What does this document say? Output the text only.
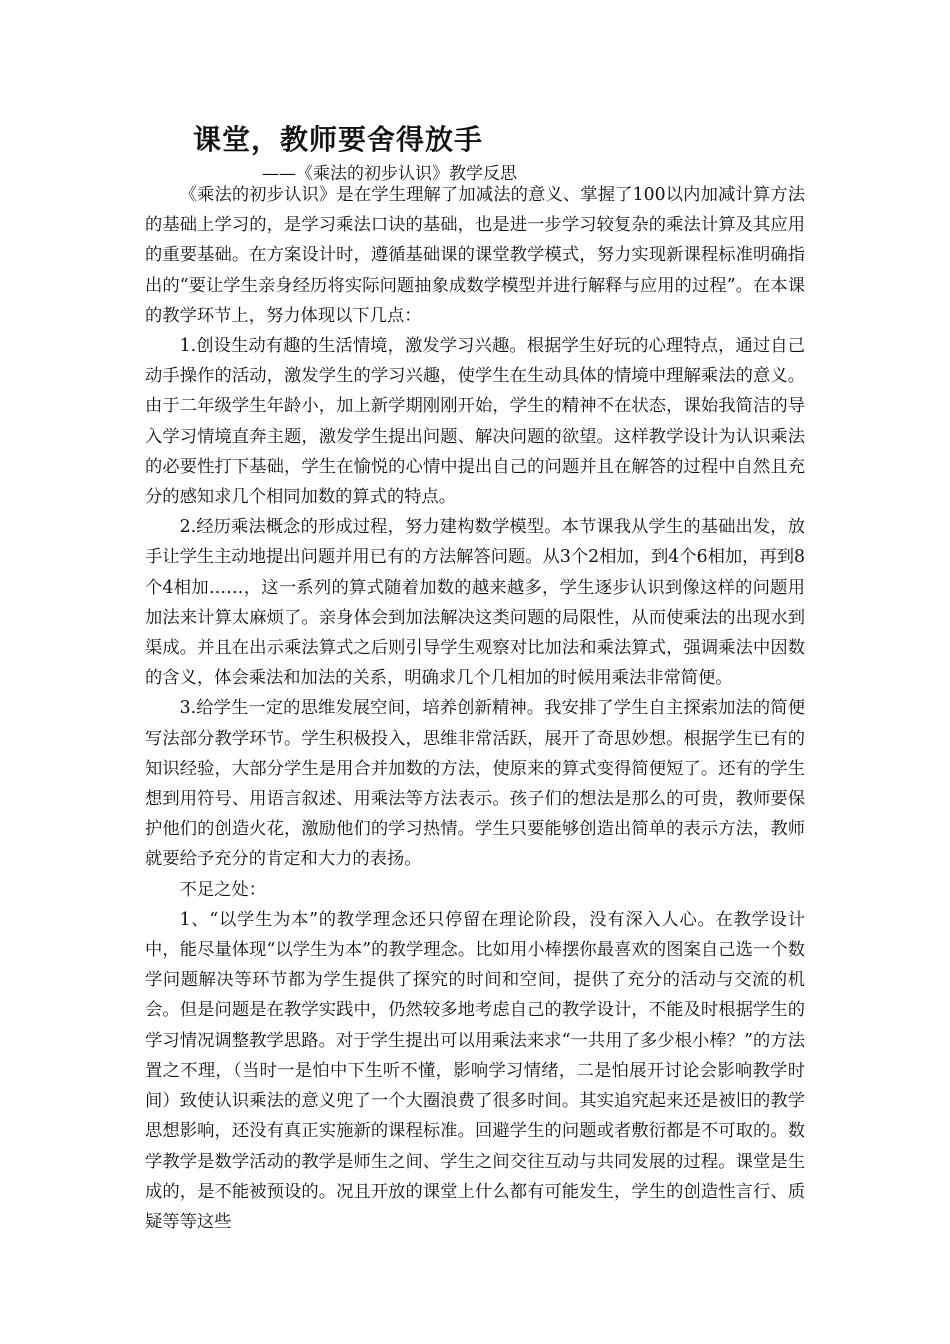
课堂，教师要舍得放手
——《乘法的初步认识》教学反思

《乘法的初步认识》是在学生理解了加减法的意义、掌握了100以内加减计算方法的基础上学习的，是学习乘法口诀的基础，也是进一步学习较复杂的乘法计算及其应用的重要基础。在方案设计时，遵循基础课的课堂教学模式，努力实现新课程标准明确指出的“要让学生亲身经历将实际问题抽象成数学模型并进行解释与应用的过程”。在本课的教学环节上，努力体现以下几点：

1.创设生动有趣的生活情境，激发学习兴趣。根据学生好玩的心理特点，通过自己动手操作的活动，激发学生的学习兴趣，使学生在生动具体的情境中理解乘法的意义。由于二年级学生年龄小，加上新学期刚刚开始，学生的精神不在状态，课始我简洁的导入学习情境直奔主题，激发学生提出问题、解决问题的欲望。这样教学设计为认识乘法的必要性打下基础，学生在愉悦的心情中提出自己的问题并且在解答的过程中自然且充分的感知求几个相同加数的算式的特点。

2.经历乘法概念的形成过程，努力建构数学模型。本节课我从学生的基础出发，放手让学生主动地提出问题并用已有的方法解答问题。从3个2相加，到4个6相加，再到8个4相加……，这一系列的算式随着加数的越来越多，学生逐步认识到像这样的问题用加法来计算太麻烦了。亲身体会到加法解决这类问题的局限性，从而使乘法的出现水到渠成。并且在出示乘法算式之后则引导学生观察对比加法和乘法算式，强调乘法中因数的含义，体会乘法和加法的关系，明确求几个几相加的时候用乘法非常简便。

3.给学生一定的思维发展空间，培养创新精神。我安排了学生自主探索加法的简便写法部分教学环节。学生积极投入，思维非常活跃，展开了奇思妙想。根据学生已有的知识经验，大部分学生是用合并加数的方法，使原来的算式变得简便短了。还有的学生想到用符号、用语言叙述、用乘法等方法表示。孩子们的想法是那么的可贵，教师要保护他们的创造火花，激励他们的学习热情。学生只要能够创造出简单的表示方法，教师就要给予充分的肯定和大力的表扬。

不足之处：

1、“以学生为本”的教学理念还只停留在理论阶段，没有深入人心。在教学设计中，能尽量体现“以学生为本”的教学理念。比如用小棒摆你最喜欢的图案自己选一个数学问题解决等环节都为学生提供了探究的时间和空间，提供了充分的活动与交流的机会。但是问题是在教学实践中，仍然较多地考虑自己的教学设计，不能及时根据学生的学习情况调整教学思路。对于学生提出可以用乘法来求“一共用了多少根小棒？”的方法置之不理，（当时一是怕中下生听不懂，影响学习情绪，二是怕展开讨论会影响教学时间）致使认识乘法的意义兜了一个大圈浪费了很多时间。其实追究起来还是被旧的教学思想影响，还没有真正实施新的课程标准。回避学生的问题或者敷衍都是不可取的。数学教学是数学活动的教学是师生之间、学生之间交往互动与共同发展的过程。课堂是生成的，是不能被预设的。况且开放的课堂上什么都有可能发生，学生的创造性言行、质疑等等这些
